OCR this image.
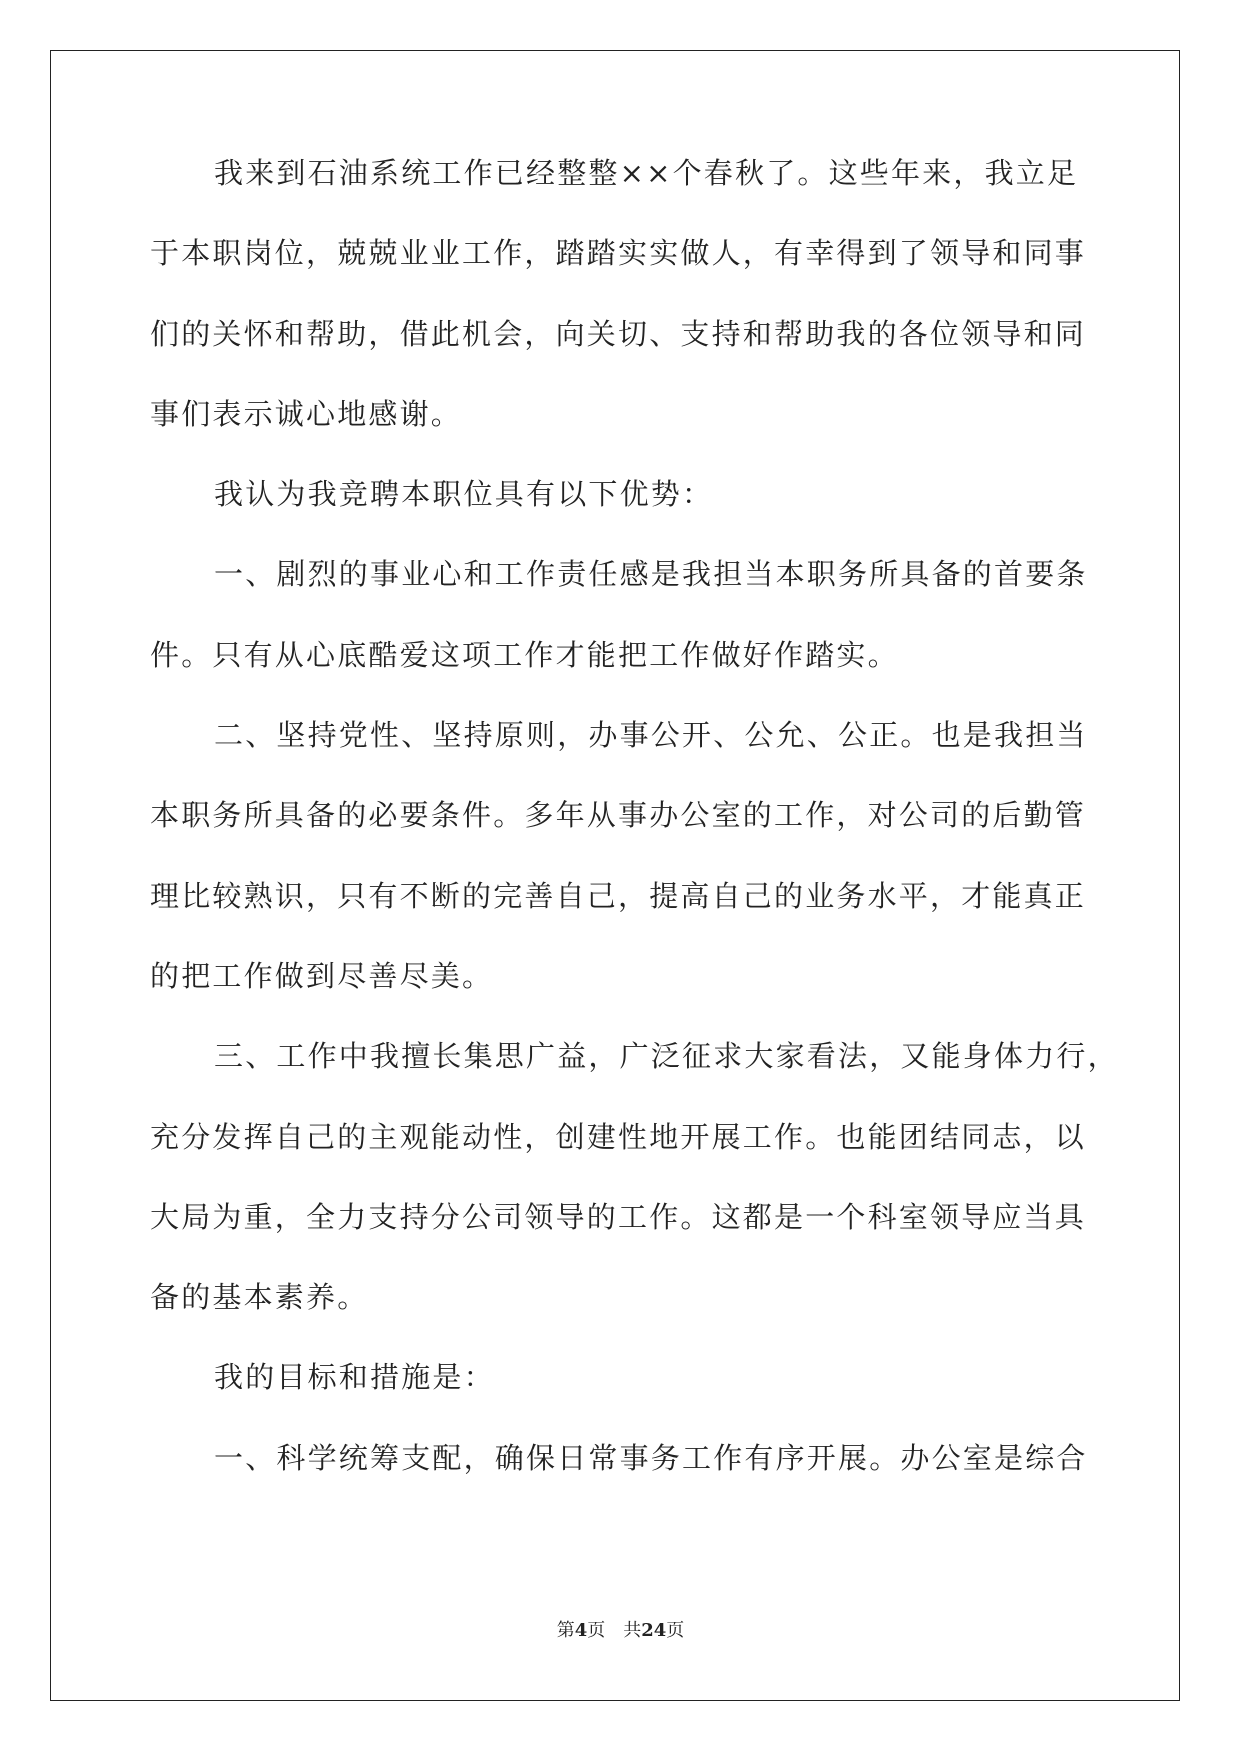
我来到石油系统工作已经整整××个春秋了。这些年来，我立足
于本职岗位，兢兢业业工作，踏踏实实做人，有幸得到了领导和同事
们的关怀和帮助，借此机会，向关切、支持和帮助我的各位领导和同
事们表示诚心地感谢。
我认为我竞聘本职位具有以下优势：
一、剧烈的事业心和工作责任感是我担当本职务所具备的首要条
件。只有从心底酷爱这项工作才能把工作做好作踏实。
二、坚持党性、坚持原则，办事公开、公允、公正。也是我担当
本职务所具备的必要条件。多年从事办公室的工作，对公司的后勤管
理比较熟识，只有不断的完善自己，提高自己的业务水平，才能真正
的把工作做到尽善尽美。
三、工作中我擅长集思广益，广泛征求大家看法，又能身体力行，
充分发挥自己的主观能动性，创建性地开展工作。也能团结同志，以
大局为重，全力支持分公司领导的工作。这都是一个科室领导应当具
备的基本素养。
我的目标和措施是：
一、科学统筹支配，确保日常事务工作有序开展。办公室是综合
第4页 共24页
